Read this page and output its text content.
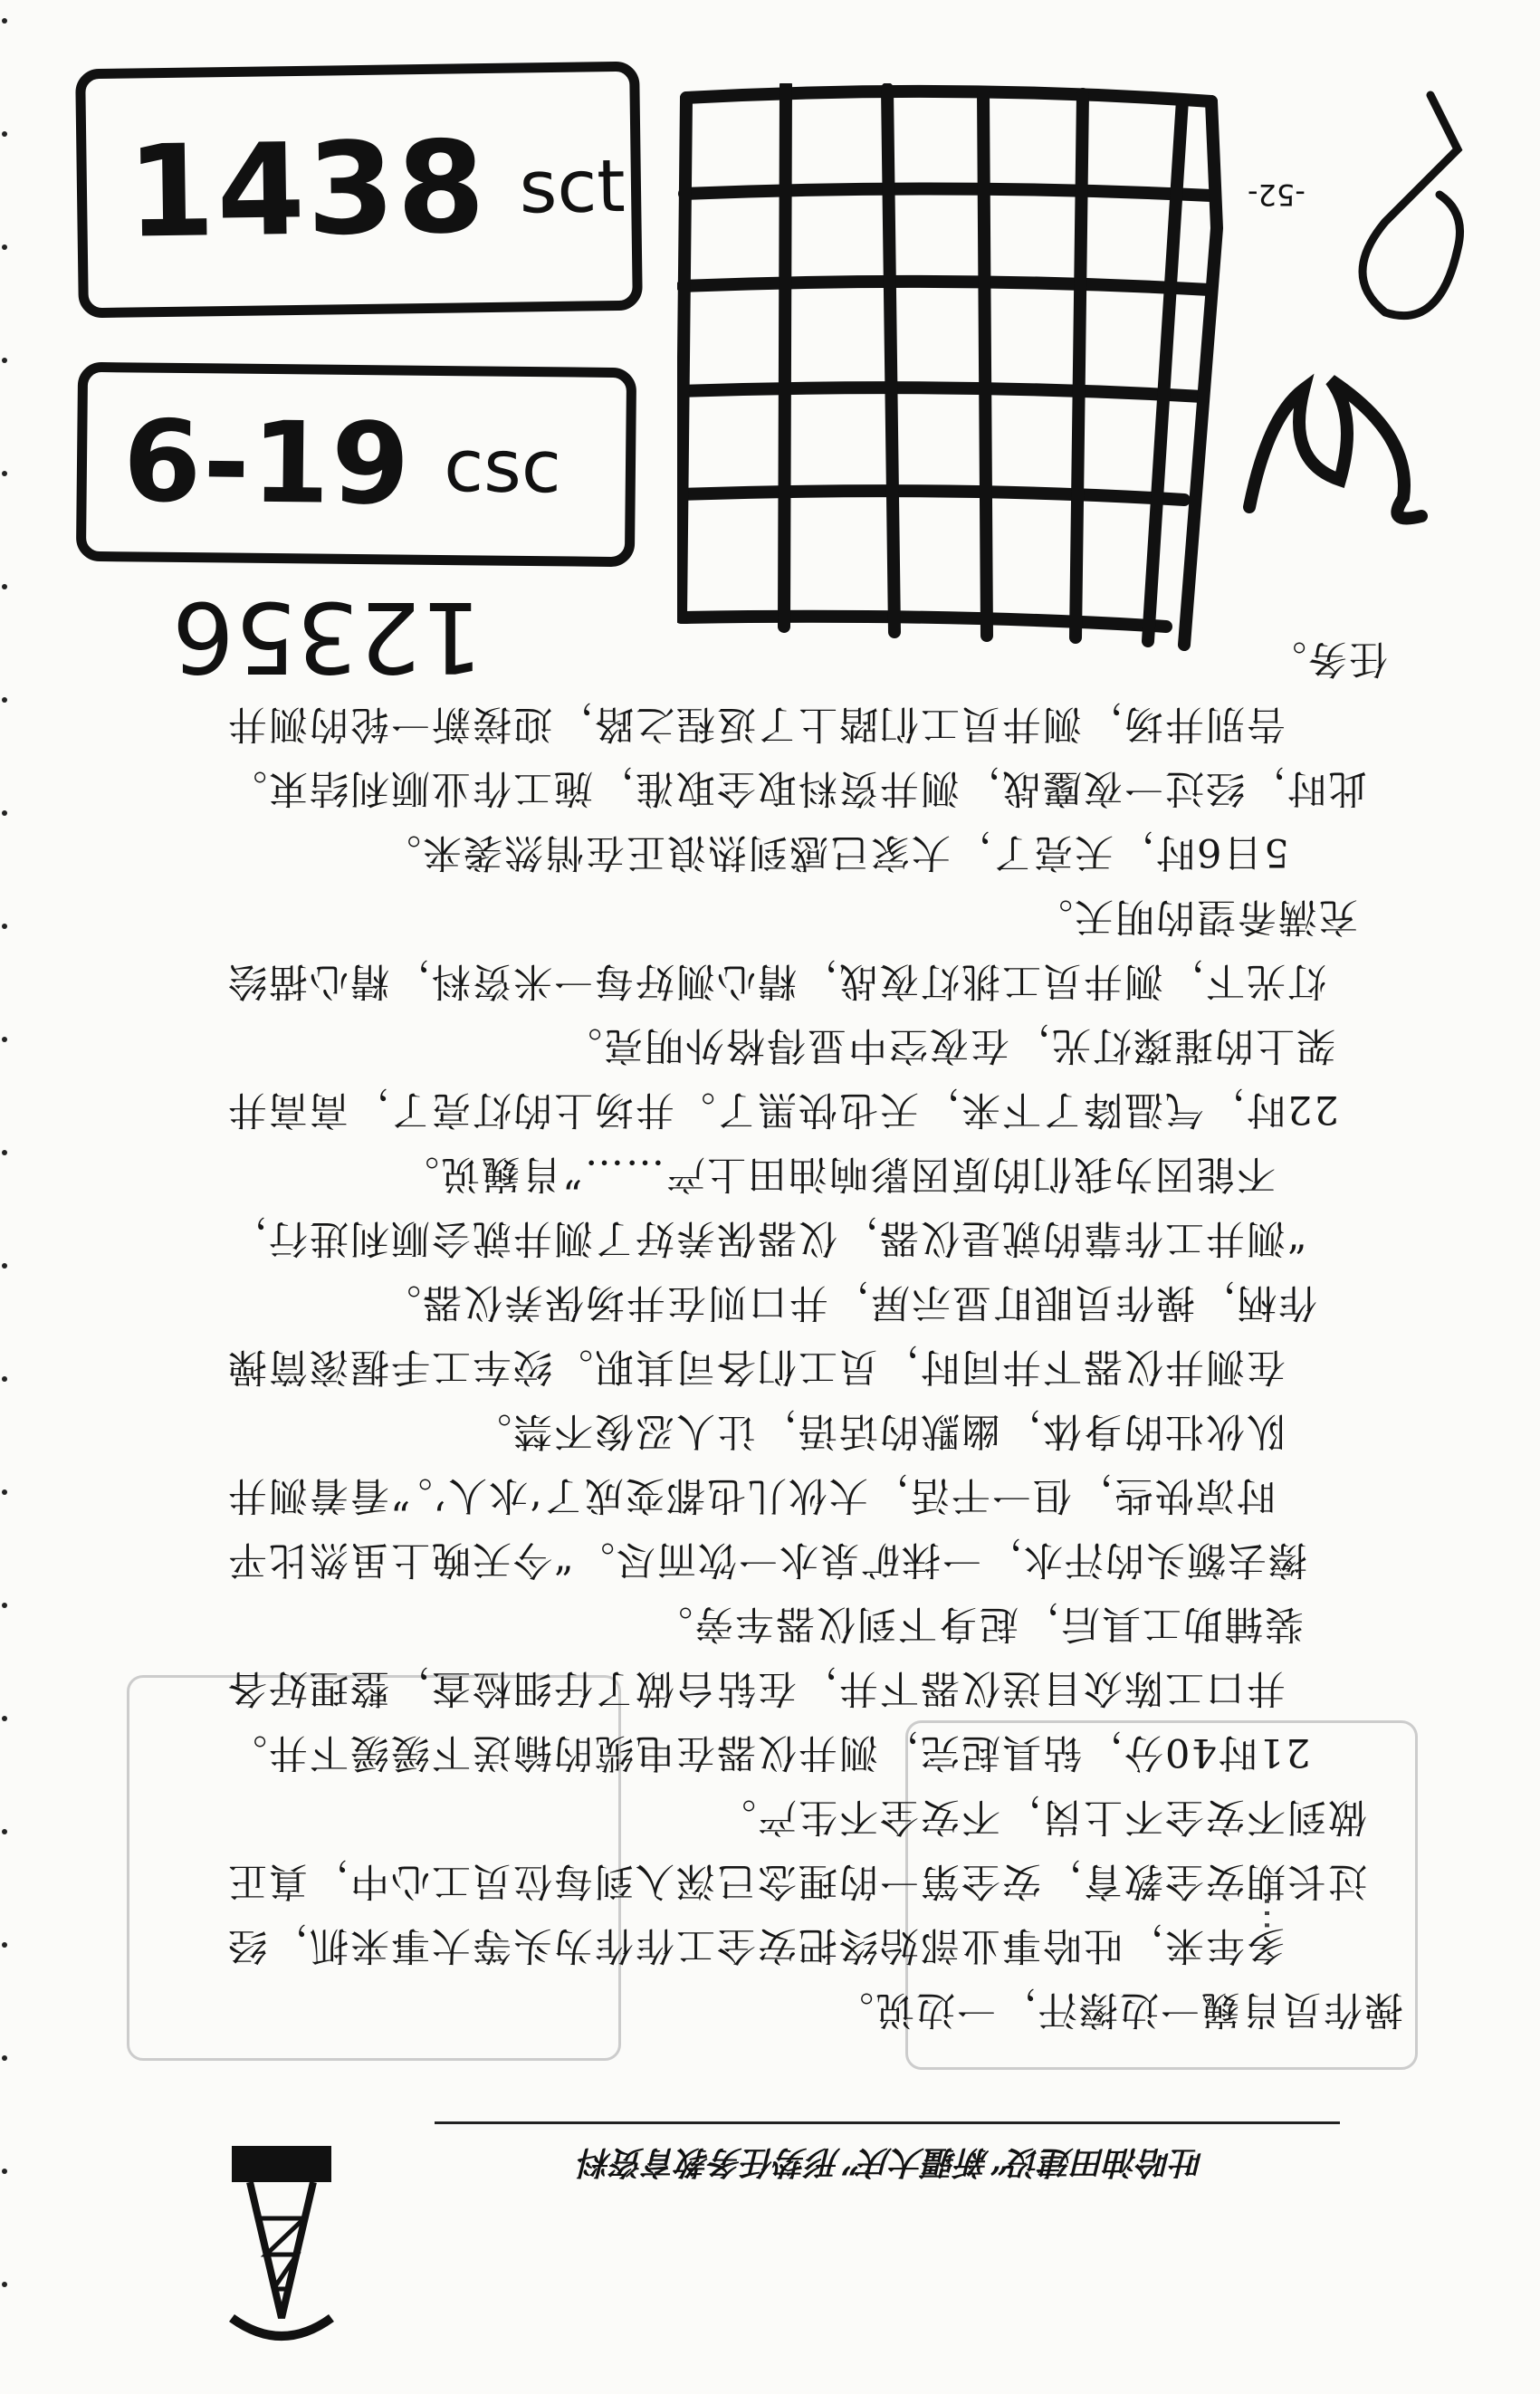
-52-
任务。
告别井场，测井员工们踏上了返程之路，迎接新一轮的测井
此时，经过一夜鏖战，测井资料取全取准，施工作业顺利结束。
5日6时，天亮了，大家已感到热浪正在悄然袭来。
充满希望的明天。
灯光下，测井员工挑灯夜战，精心测好每一米资料，精心描绘
架上的璀璨灯光，在夜空中显得格外明亮。
22时，气温降了下来，天也快黑了。井场上的灯亮了，高高井
不能因为我们的原因影响油田上产……”肖巍说。
“测井工作靠的就是仪器，仪器保养好了测井就会顺利进行，
作柄，操作员眼盯显示屏，井口则在井场保养仪器。
在测井仪器下井同时，员工们各司其职。绞车工手握滚筒操
队伙壮的身体，幽默的话语，让人忍俊不禁。
时凉快些，但一干活，大伙儿也都变成了‘水人’。”看着测井
擦去额头的汗水，一抹矿泉水一饮而尽。“今天晚上虽然比平
装辅助工具后，起身下到仪器车旁。
井口工陈众目送仪器下井，在钻台做了仔细检查，整理好各
21时40分，钻具起完，测井仪器在电缆的输送下缓缓下井。
做到不安全不上岗，不安全不生产。
过长期安全教育，安全第一的理念已深入到每位员工心中，真正
多年来，吐哈事业部始终把安全工作作为头等大事来抓，经
操作员肖巍一边擦汗，一边说。
⋯
吐哈油田建设“新疆大庆”形势任务教育资料
1438 sct
6-19 csc
12356
